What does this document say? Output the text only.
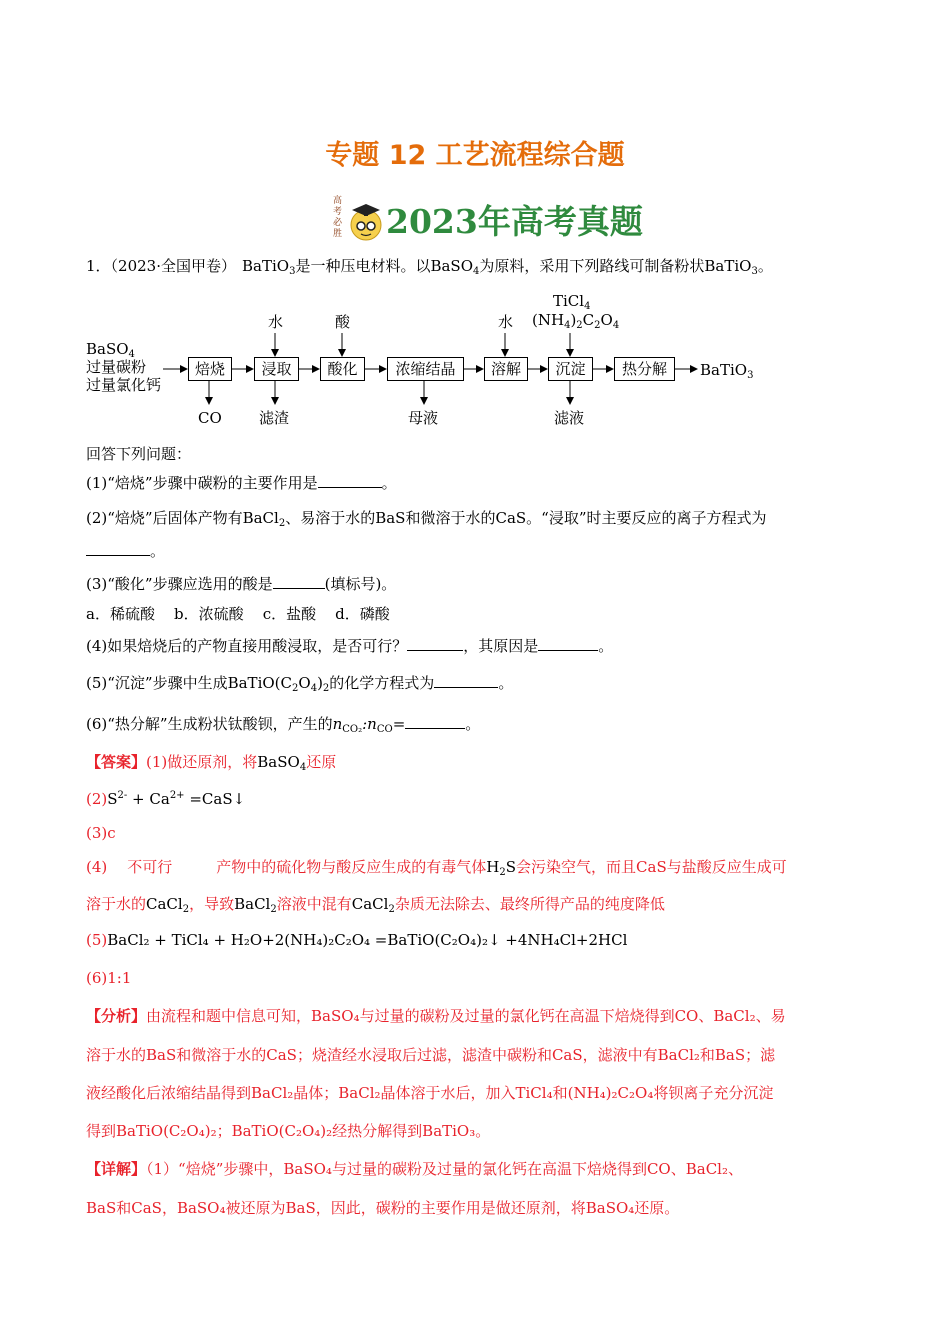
专题 12 工艺流程综合题
高考必胜 2023年高考真题
1．（2023·全国甲卷） BaTiO$_3$是一种压电材料。以BaSO$_4$为原料，采用下列路线可制备粉状BaTiO$_3$。
BaSO$_4$
过量碳粉
过量氯化钙
焙烧	浸取	酸化	浓缩结晶	溶解	沉淀	热分解
水	酸	水
TiCl$_4$
$(NH_4)_2C_2O_4$
CO 滤渣	母液	滤液
BaTiO$_3$
回答下列问题：
(1)“焙烧”步骤中碳粉的主要作用是	。
(2)“焙烧”后固体产物有BaCl$_2$、易溶于水的BaS和微溶于水的CaS。“浸取”时主要反应的离子方程式为
。
(3)“酸化”步骤应选用的酸是	(填标号)。
a．稀硫酸    b．浓硫酸    c．盐酸    d．磷酸
(4)如果焙烧后的产物直接用酸浸取，是否可行？	，其原因是	。
(5)“沉淀”步骤中生成$BaTiO(C_2O_4)_2$的化学方程式为	。
(6)“热分解”生成粉状钛酸钡，产生的$n_{CO_2}:n_{CO}=$	。
【答案】(1)做还原剂，将BaSO$_4$还原
$(2)S^{2-} + Ca^{2+}$ =CaS↓
(3)c
(4) 不可行	产物中的硫化物与酸反应生成的有毒气体$H_2S$会污染空气，而且CaS与盐酸反应生成可
溶于水的CaCl$_2$，导致BaCl$_2$溶液中混有CaCl$_2$杂质无法除去、最终所得产品的纯度降低
(5)BaCl₂ + TiCl₄ + H₂O+2(NH₄)₂C₂O₄ =BaTiO(C₂O₄)₂↓ +4NH₄Cl+2HCl
(6)1:1
【分析】由流程和题中信息可知，BaSO₄与过量的碳粉及过量的氯化钙在高温下焙烧得到CO、BaCl₂、易
溶于水的BaS和微溶于水的CaS；烧渣经水浸取后过滤，滤渣中碳粉和CaS，滤液中有BaCl₂和BaS；滤
液经酸化后浓缩结晶得到BaCl₂晶体；BaCl₂晶体溶于水后，加入TiCl₄和(NH₄)₂C₂O₄将钡离子充分沉淀
得到BaTiO(C₂O₄)₂；BaTiO(C₂O₄)₂经热分解得到BaTiO₃。
【详解】（1）“焙烧”步骤中，BaSO₄与过量的碳粉及过量的氯化钙在高温下焙烧得到CO、BaCl₂、
BaS和CaS，BaSO₄被还原为BaS，因此，碳粉的主要作用是做还原剂，将BaSO₄还原。
